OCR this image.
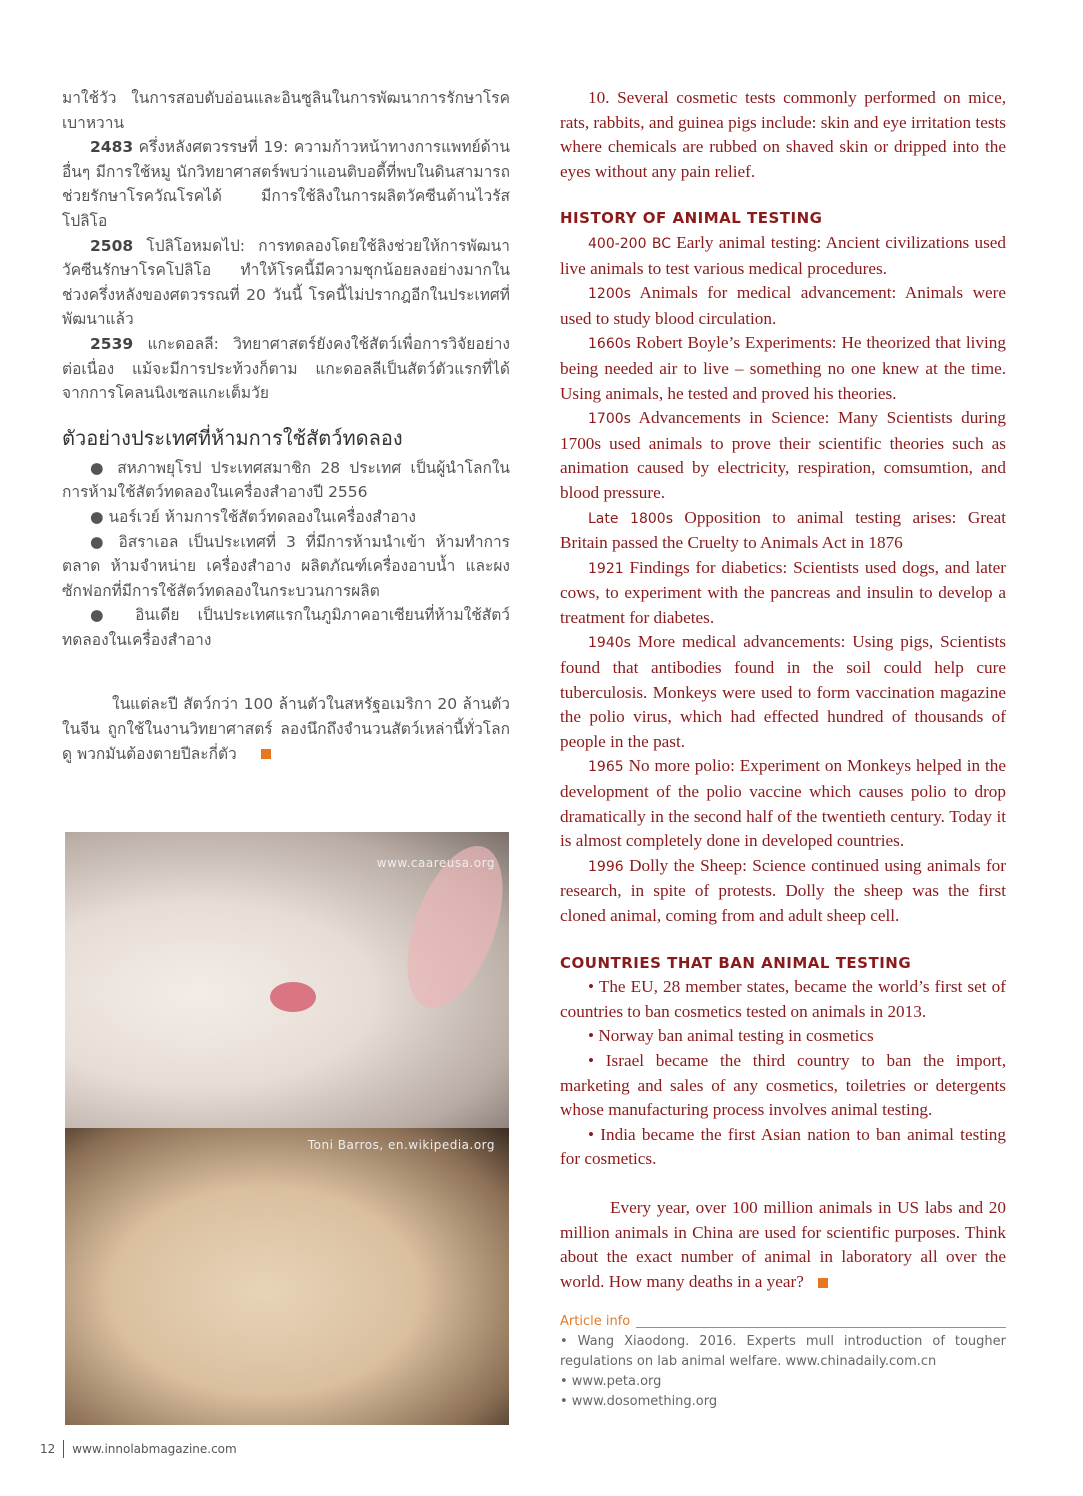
มาใช้วัว ในการสอบตับอ่อนและอินซูลินในการพัฒนาการรักษาโรคเบาหวาน

2483 ครึ่งหลังศตวรรษที่ 19: ความก้าวหน้าทางการแพทย์ด้านอื่นๆ มีการใช้หมู นักวิทยาศาสตร์พบว่าแอนติบอดี้ที่พบในดินสามารถช่วยรักษาโรควัณโรคได้ มีการใช้ลิงในการผลิตวัคซีนต้านไวรัสโปลิโอ

2508 โปลิโอหมดไป: การทดลองโดยใช้ลิงช่วยให้การพัฒนาวัคซีนรักษาโรคโปลิโอ ทำให้โรคนี้มีความชุกน้อยลงอย่างมากในช่วงครึ่งหลังของศตวรรณที่ 20 วันนี้ โรคนี้ไม่ปรากฎอีกในประเทศที่พัฒนาแล้ว

2539 แกะดอลลี: วิทยาศาสตร์ยังคงใช้สัตว์เพื่อการวิจัยอย่างต่อเนื่อง แม้จะมีการประท้วงก็ตาม แกะดอลลีเป็นสัตว์ตัวแรกที่ได้จากการโคลนนิงเซลแกะเต็มวัย

ตัวอย่างประเทศที่ห้ามการใช้สัตว์ทดลอง

● สหภาพยุโรป ประเทศสมาชิก 28 ประเทศ เป็นผู้นำโลกในการห้ามใช้สัตว์ทดลองในเครื่องสำอางปี 2556

● นอร์เวย์ ห้ามการใช้สัตว์ทดลองในเครื่องสำอาง

● อิสราเอล เป็นประเทศที่ 3 ที่มีการห้ามนำเข้า ห้ามทำการตลาด ห้ามจำหน่าย เครื่องสำอาง ผลิตภัณฑ์เครื่องอาบน้ำ และผงซักฟอกที่มีการใช้สัตว์ทดลองในกระบวนการผลิต

● อินเดีย เป็นประเทศแรกในภูมิภาคอาเซียนที่ห้ามใช้สัตว์ทดลองในเครื่องสำอาง

ในแต่ละปี สัตว์กว่า 100 ล้านตัวในสหรัฐอเมริกา 20 ล้านตัวในจีน ถูกใช้ในงานวิทยาศาสตร์ ลองนึกถึงจำนวนสัตว์เหล่านี้ทั่วโลกดู พวกมันต้องตายปีละกี่ตัว

www.caareusa.org
Toni Barros, en.wikipedia.org

10. Several cosmetic tests commonly performed on mice, rats, rabbits, and guinea pigs include: skin and eye irritation tests where chemicals are rubbed on shaved skin or dripped into the eyes without any pain relief.

HISTORY OF ANIMAL TESTING

400-200 BC Early animal testing: Ancient civilizations used live animals to test various medical procedures.

1200s Animals for medical advancement: Animals were used to study blood circulation.

1660s Robert Boyle’s Experiments: He theorized that living being needed air to live – something no one knew at the time. Using animals, he tested and proved his theories.

1700s Advancements in Science: Many Scientists during 1700s used animals to prove their scientific theories such as animation caused by electricity, respiration, comsumtion, and blood pressure.

Late 1800s Opposition to animal testing arises: Great Britain passed the Cruelty to Animals Act in 1876

1921 Findings for diabetics: Scientists used dogs, and later cows, to experiment with the pancreas and insulin to develop a treatment for diabetes.

1940s More medical advancements: Using pigs, Scientists found that antibodies found in the soil could help cure tuberculosis. Monkeys were used to form vaccination magazine the polio virus, which had effected hundred of thousands of people in the past.

1965 No more polio: Experiment on Monkeys helped in the development of the polio vaccine which causes polio to drop dramatically in the second half of the twentieth century. Today it is almost completely done in developed countries.

1996 Dolly the Sheep: Science continued using animals for research, in spite of protests. Dolly the sheep was the first cloned animal, coming from and adult sheep cell.

COUNTRIES THAT BAN ANIMAL TESTING

• The EU, 28 member states, became the world’s first set of countries to ban cosmetics tested on animals in 2013.

• Norway ban animal testing in cosmetics

• Israel became the third country to ban the import, marketing and sales of any cosmetics, toiletries or detergents whose manufacturing process involves animal testing.

• India became the first Asian nation to ban animal testing for cosmetics.

Every year, over 100 million animals in US labs and 20 million animals in China are used for scientific purposes. Think about the exact number of animal in laboratory all over the world. How many deaths in a year?

Article info

• Wang Xiaodong. 2016. Experts mull introduction of tougher regulations on lab animal welfare. www.chinadaily.com.cn

• www.peta.org

• www.dosomething.org

12 www.innolabmagazine.com
